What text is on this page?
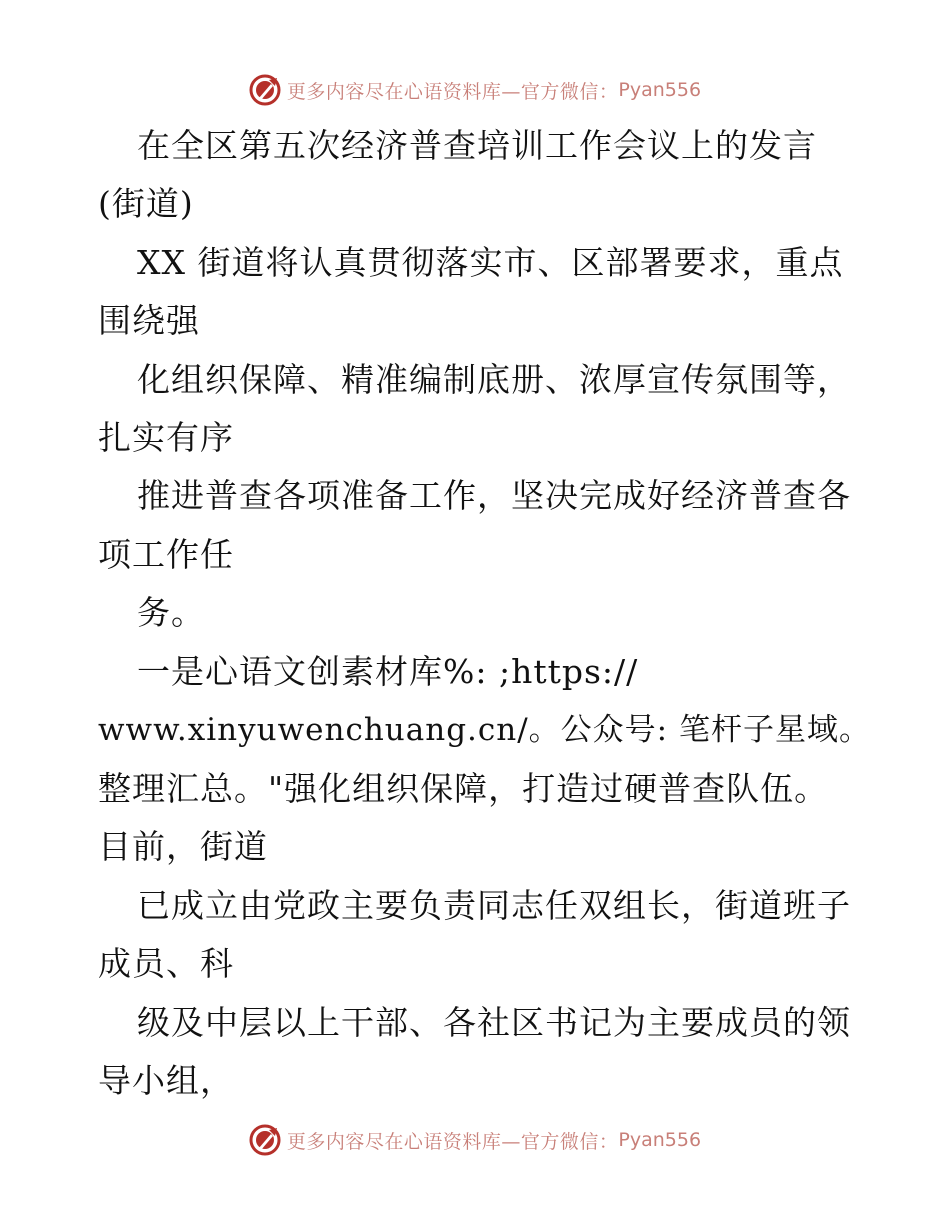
更多内容尽在心语资料库—官方微信： Pyan556
在全区第五次经济普查培训工作会议上的发言
(街道)
XX 街道将认真贯彻落实市、区部署要求，重点
围绕强
化组织保障、精准编制底册、浓厚宣传氛围等，
扎实有序
推进普查各项准备工作，坚决完成好经济普查各
项工作任
务。
一是心语文创素材库%: ;https://
www.xinyuwenchuang.cn/。公众号: 笔杆子星域。
整理汇总。"强化组织保障，打造过硬普查队伍。
目前，街道
已成立由党政主要负责同志任双组长，街道班子
成员、科
级及中层以上干部、各社区书记为主要成员的领
导小组，
更多内容尽在心语资料库—官方微信： Pyan556
